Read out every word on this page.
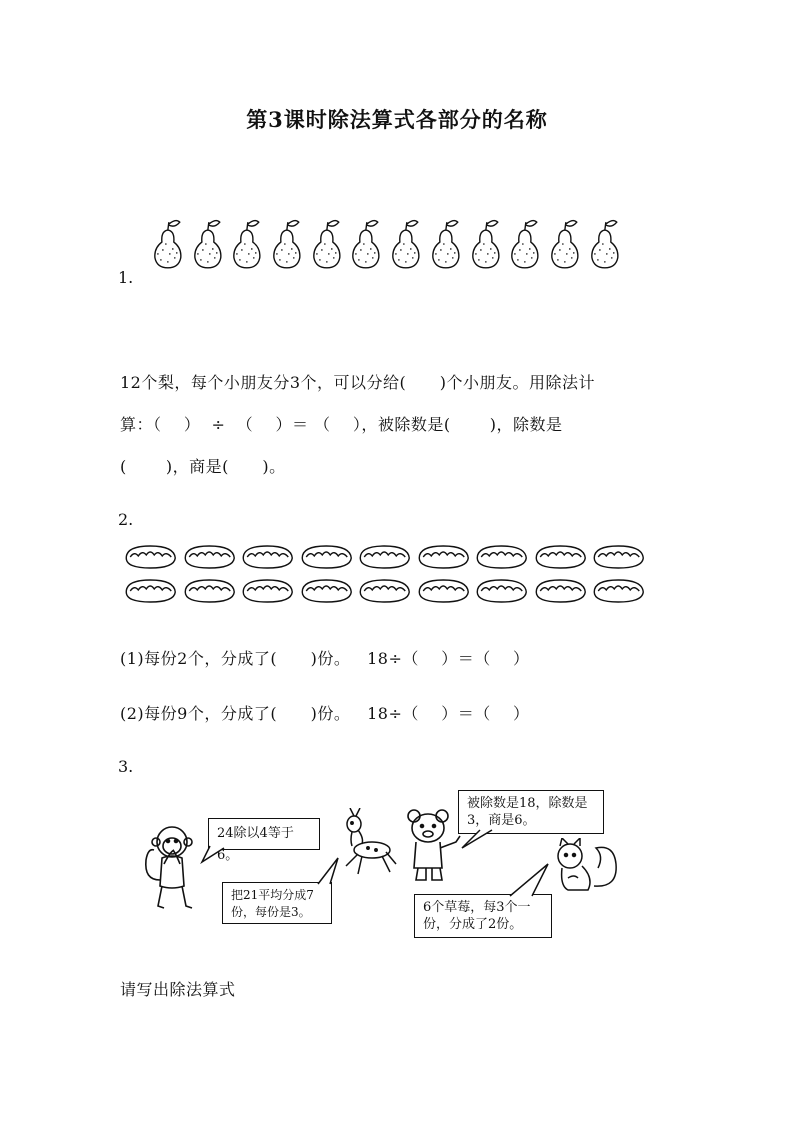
第3课时除法算式各部分的名称
1.
12个梨，每个小朋友分3个，可以分给(      )个小朋友。用除法计
算：（    ）  ÷  （    ）＝ （    ），被除数是(       )，除数是
(       )，商是(      )。
2.
(1)每份2个，分成了(      )份。   18÷（    ）＝（    ）
(2)每份9个，分成了(      )份。   18÷（    ）＝（    ）
3.
24除以4等于6。
把21平均分成7份，每份是3。
被除数是18，除数是3，商是6。
6个草莓，每3个一份，分成了2份。
请写出除法算式
